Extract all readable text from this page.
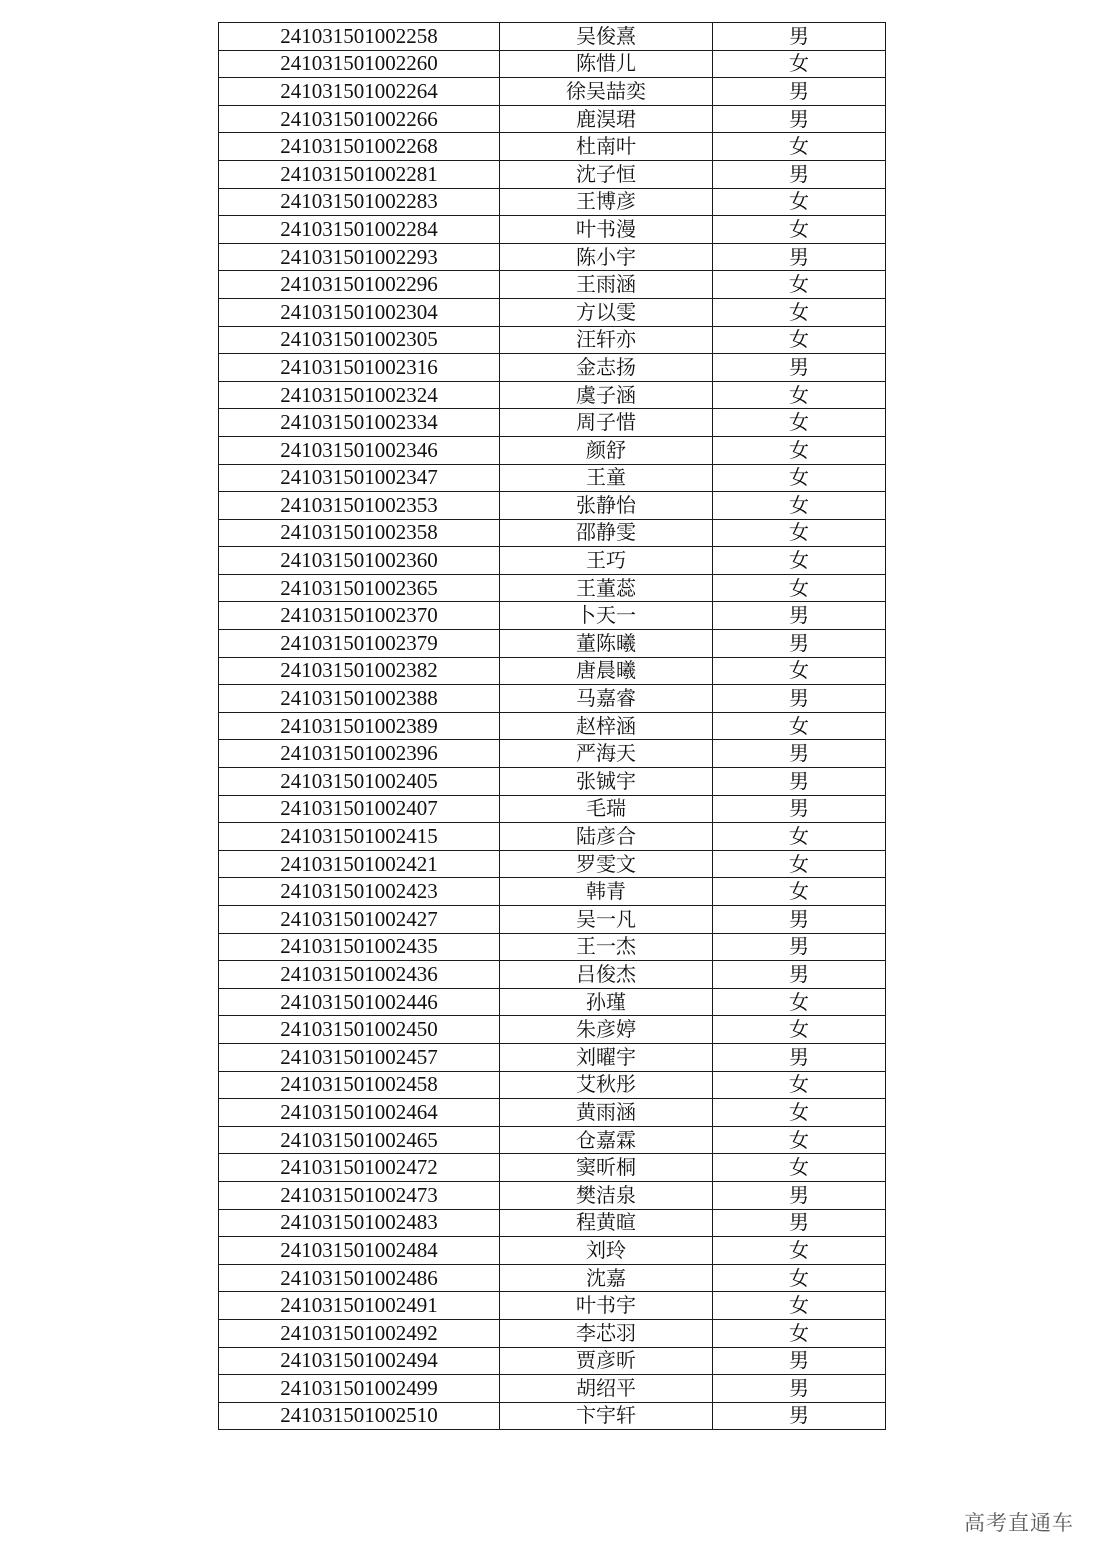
241031501002258	吴俊熹	男
241031501002260	陈惜儿	女
241031501002264	徐吴喆奕	男
241031501002266	鹿淏珺	男
241031501002268	杜南叶	女
241031501002281	沈子恒	男
241031501002283	王博彦	女
241031501002284	叶书漫	女
241031501002293	陈小宇	男
241031501002296	王雨涵	女
241031501002304	方以雯	女
241031501002305	汪轩亦	女
241031501002316	金志扬	男
241031501002324	虞子涵	女
241031501002334	周子惜	女
241031501002346	颜舒	女
241031501002347	王童	女
241031501002353	张静怡	女
241031501002358	邵静雯	女
241031501002360	王巧	女
241031501002365	王董蕊	女
241031501002370	卜天一	男
241031501002379	董陈曦	男
241031501002382	唐晨曦	女
241031501002388	马嘉睿	男
241031501002389	赵梓涵	女
241031501002396	严海天	男
241031501002405	张铖宇	男
241031501002407	毛瑞	男
241031501002415	陆彦合	女
241031501002421	罗雯文	女
241031501002423	韩青	女
241031501002427	吴一凡	男
241031501002435	王一杰	男
241031501002436	吕俊杰	男
241031501002446	孙瑾	女
241031501002450	朱彦婷	女
241031501002457	刘曜宇	男
241031501002458	艾秋彤	女
241031501002464	黄雨涵	女
241031501002465	仓嘉霖	女
241031501002472	窦昕桐	女
241031501002473	樊洁泉	男
241031501002483	程黄暄	男
241031501002484	刘玲	女
241031501002486	沈嘉	女
241031501002491	叶书宇	女
241031501002492	李芯羽	女
241031501002494	贾彦昕	男
241031501002499	胡绍平	男
241031501002510	卞宇轩	男
高考直通车
